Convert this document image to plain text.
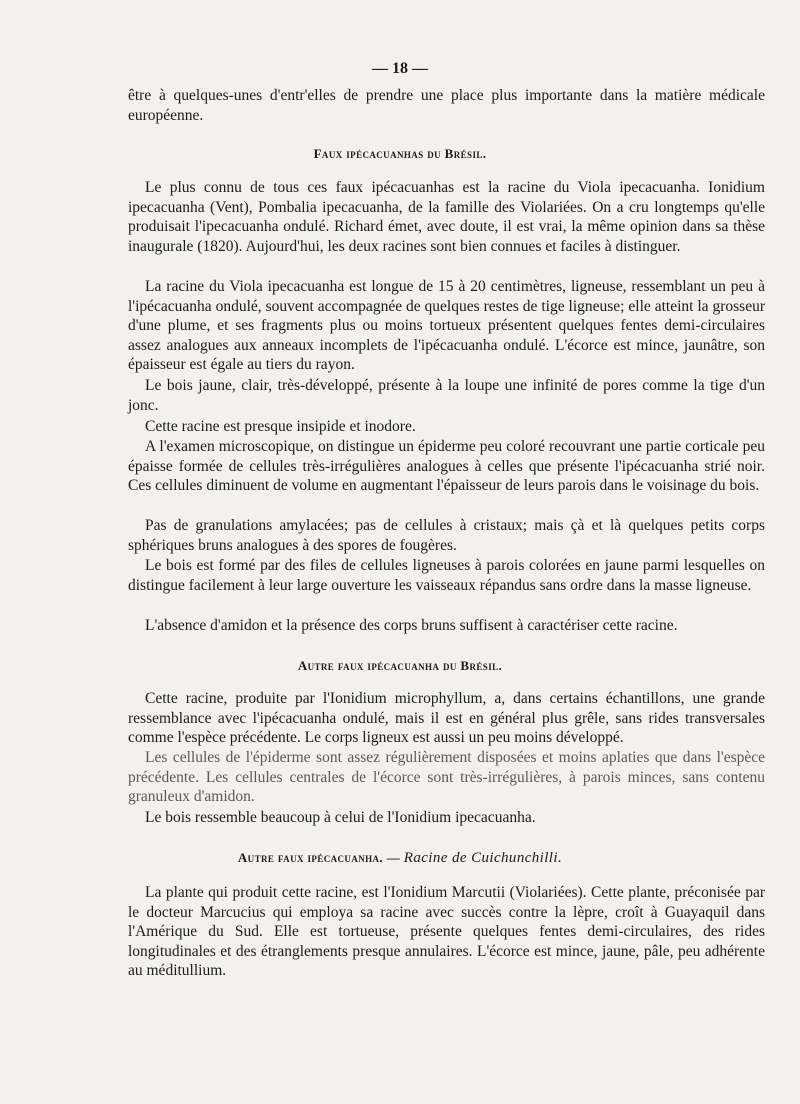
— 18 —

être à quelques-unes d'entr'elles de prendre une place plus importante dans la matière médicale européenne.

Faux ipécacuanhas du Brésil.

Le plus connu de tous ces faux ipécacuanhas est la racine du Viola ipecacuanha. Ionidium ipecacuanha (Vent), Pombalia ipecacuanha, de la famille des Violariées. On a cru longtemps qu'elle produisait l'ipecacuanha ondulé. Richard émet, avec doute, il est vrai, la même opinion dans sa thèse inaugurale (1820). Aujourd'hui, les deux racines sont bien connues et faciles à distinguer.

La racine du Viola ipecacuanha est longue de 15 à 20 centimètres, ligneuse, ressemblant un peu à l'ipécacuanha ondulé, souvent accompagnée de quelques restes de tige ligneuse; elle atteint la grosseur d'une plume, et ses fragments plus ou moins tortueux présentent quelques fentes demi-circulaires assez analogues aux anneaux incomplets de l'ipécacuanha ondulé. L'écorce est mince, jaunâtre, son épaisseur est égale au tiers du rayon.

Le bois jaune, clair, très-développé, présente à la loupe une infinité de pores comme la tige d'un jonc.

Cette racine est presque insipide et inodore.

A l'examen microscopique, on distingue un épiderme peu coloré recouvrant une partie corticale peu épaisse formée de cellules très-irrégulières analogues à celles que présente l'ipécacuanha strié noir. Ces cellules diminuent de volume en augmentant l'épaisseur de leurs parois dans le voisinage du bois.

Pas de granulations amylacées; pas de cellules à cristaux; mais çà et là quelques petits corps sphériques bruns analogues à des spores de fougères.

Le bois est formé par des files de cellules ligneuses à parois colorées en jaune parmi lesquelles on distingue facilement à leur large ouverture les vaisseaux répandus sans ordre dans la masse ligneuse.

L'absence d'amidon et la présence des corps bruns suffisent à caractériser cette racine.

Autre faux ipécacuanha du Brésil.

Cette racine, produite par l'Ionidium microphyllum, a, dans certains échantillons, une grande ressemblance avec l'ipécacuanha ondulé, mais il est en général plus grêle, sans rides transversales comme l'espèce précédente. Le corps ligneux est aussi un peu moins développé.

Les cellules de l'épiderme sont assez régulièrement disposées et moins aplaties que dans l'espèce précédente. Les cellules centrales de l'écorce sont très-irrégulières, à parois minces, sans contenu granuleux d'amidon.

Le bois ressemble beaucoup à celui de l'Ionidium ipecacuanha.

Autre faux ipécacuanha. — Racine de Cuichunchilli.

La plante qui produit cette racine, est l'Ionidium Marcutii (Violariées). Cette plante, préconisée par le docteur Marcucius qui employa sa racine avec succès contre la lèpre, croît à Guayaquil dans l'Amérique du Sud. Elle est tortueuse, présente quelques fentes demi-circulaires, des rides longitudinales et des étranglements presque annulaires. L'écorce est mince, jaune, pâle, peu adhérente au méditullium.
